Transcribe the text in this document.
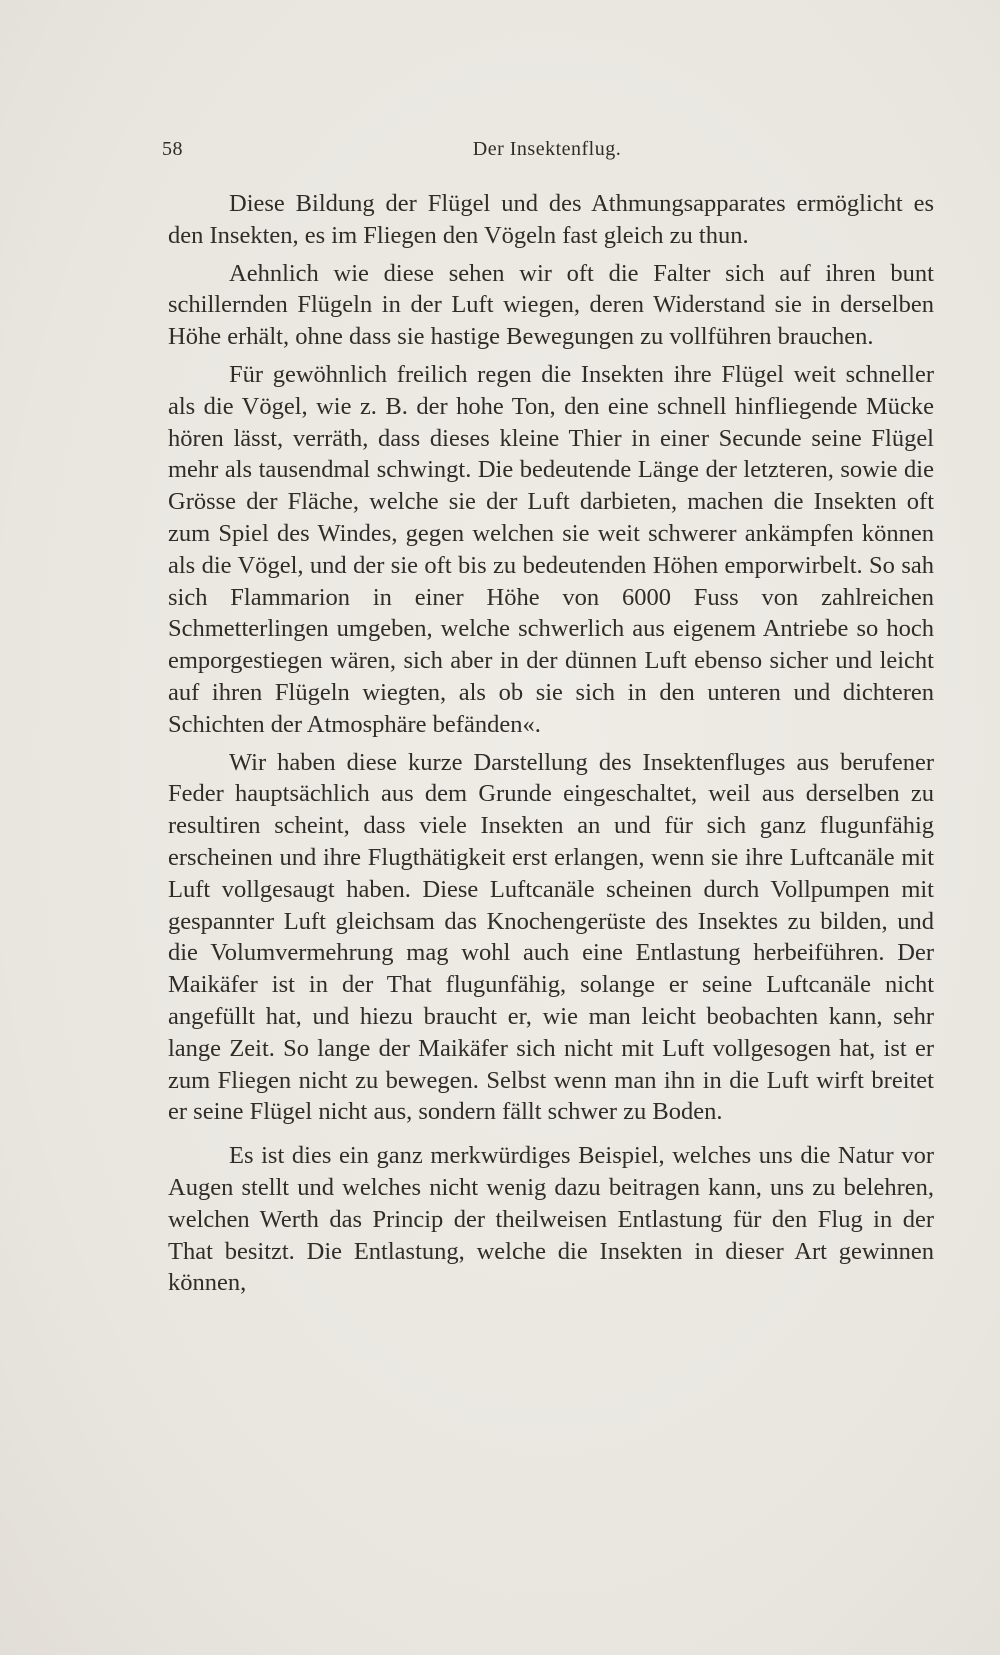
58	Der Insektenflug.

Diese Bildung der Flügel und des Athmungsapparates ermöglicht es den Insekten, es im Fliegen den Vögeln fast gleich zu thun.

Aehnlich wie diese sehen wir oft die Falter sich auf ihren bunt schillernden Flügeln in der Luft wiegen, deren Widerstand sie in derselben Höhe erhält, ohne dass sie hastige Bewegungen zu vollführen brauchen.

Für gewöhnlich freilich regen die Insekten ihre Flügel weit schneller als die Vögel, wie z. B. der hohe Ton, den eine schnell hinfliegende Mücke hören lässt, verräth, dass dieses kleine Thier in einer Secunde seine Flügel mehr als tausendmal schwingt. Die bedeutende Länge der letzteren, sowie die Grösse der Fläche, welche sie der Luft darbieten, machen die Insekten oft zum Spiel des Windes, gegen welchen sie weit schwerer ankämpfen können als die Vögel, und der sie oft bis zu bedeutenden Höhen emporwirbelt. So sah sich Flammarion in einer Höhe von 6000 Fuss von zahlreichen Schmetterlingen umgeben, welche schwerlich aus eigenem Antriebe so hoch emporgestiegen wären, sich aber in der dünnen Luft ebenso sicher und leicht auf ihren Flügeln wiegten, als ob sie sich in den unteren und dichteren Schichten der Atmosphäre befänden«.

Wir haben diese kurze Darstellung des Insektenfluges aus berufener Feder hauptsächlich aus dem Grunde eingeschaltet, weil aus derselben zu resultiren scheint, dass viele Insekten an und für sich ganz flugunfähig erscheinen und ihre Flugthätigkeit erst erlangen, wenn sie ihre Luftcanäle mit Luft vollgesaugt haben. Diese Luftcanäle scheinen durch Vollpumpen mit gespannter Luft gleichsam das Knochengerüste des Insektes zu bilden, und die Volumvermehrung mag wohl auch eine Entlastung herbeiführen. Der Maikäfer ist in der That flugunfähig, solange er seine Luftcanäle nicht angefüllt hat, und hiezu braucht er, wie man leicht beobachten kann, sehr lange Zeit. So lange der Maikäfer sich nicht mit Luft vollgesogen hat, ist er zum Fliegen nicht zu bewegen. Selbst wenn man ihn in die Luft wirft breitet er seine Flügel nicht aus, sondern fällt schwer zu Boden.

Es ist dies ein ganz merkwürdiges Beispiel, welches uns die Natur vor Augen stellt und welches nicht wenig dazu beitragen kann, uns zu belehren, welchen Werth das Princip der theilweisen Entlastung für den Flug in der That besitzt. Die Entlastung, welche die Insekten in dieser Art gewinnen können,
